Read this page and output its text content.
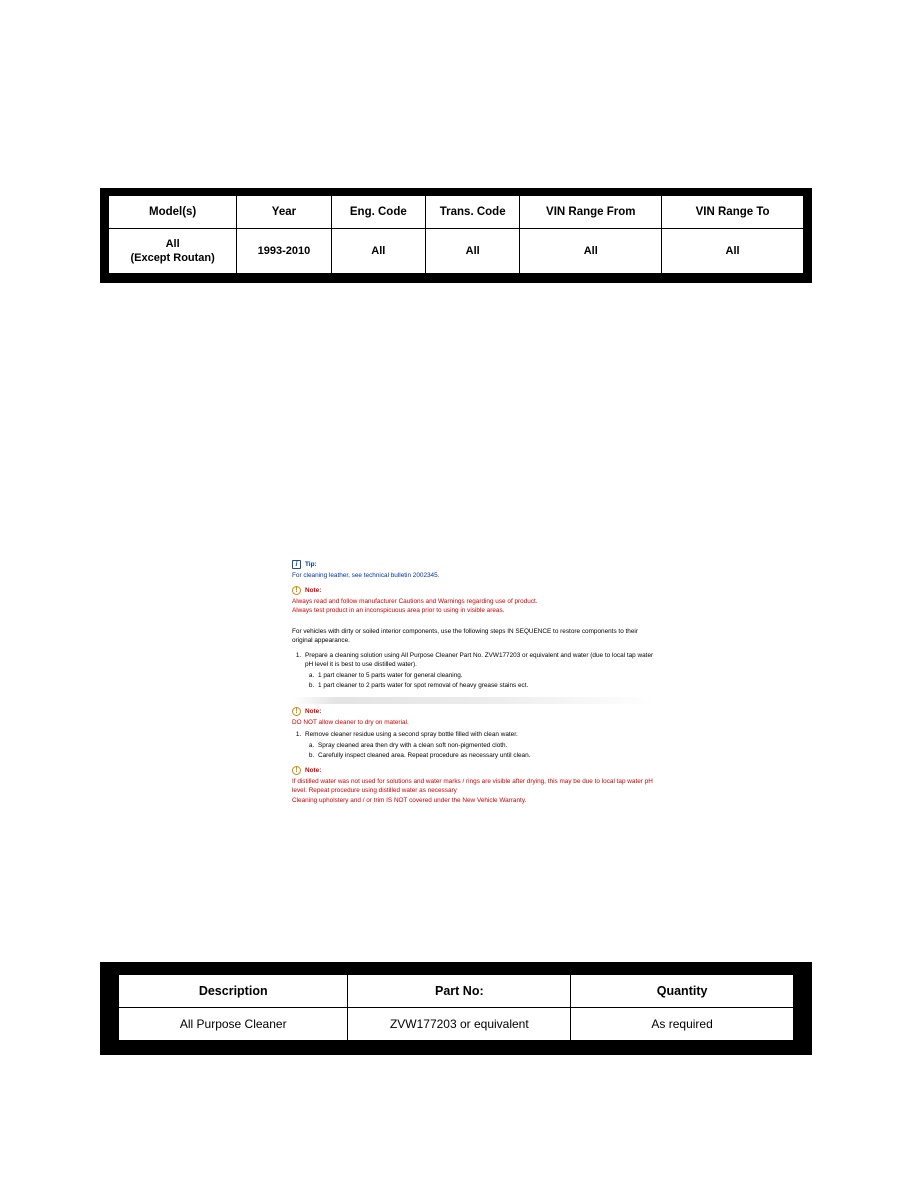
Model(s)	Year	Eng. Code	Trans. Code	VIN Range From	VIN Range To

All
(Except Routan)	1993-2010	All	All	All	All
i
Tip:

For cleaning leather, see technical bulletin 2002345.

!
Note:

Always read and follow manufacturer Cautions and Warnings regarding use of product.

Always test product in an inconspicuous area prior to using in visible areas.

For vehicles with dirty or soiled interior components, use the following steps IN SEQUENCE to restore components to their original appearance.

1. Prepare a cleaning solution using All Purpose Cleaner Part No. ZVW177203 or equivalent and water (due to local tap water pH level it is best to use distilled water).
a. 1 part cleaner to 5 parts water for general cleaning.
b. 1 part cleaner to 2 parts water for spot removal of heavy grease stains ect.
!
Note:

DO NOT allow cleaner to dry on material.

1. Remove cleaner residue using a second spray bottle filled with clean water.
a. Spray cleaned area then dry with a clean soft non-pigmented cloth.
b. Carefully inspect cleaned area. Repeat procedure as necessary until clean.
!
Note:

If distilled water was not used for solutions and water marks / rings are visible after drying, this may be due to local tap water pH level. Repeat procedure using distilled water as necessary

Cleaning upholstery and / or trim IS NOT covered under the New Vehicle Warranty.

Description	Part No:	Quantity
All Purpose Cleaner	ZVW177203 or equivalent	As required
